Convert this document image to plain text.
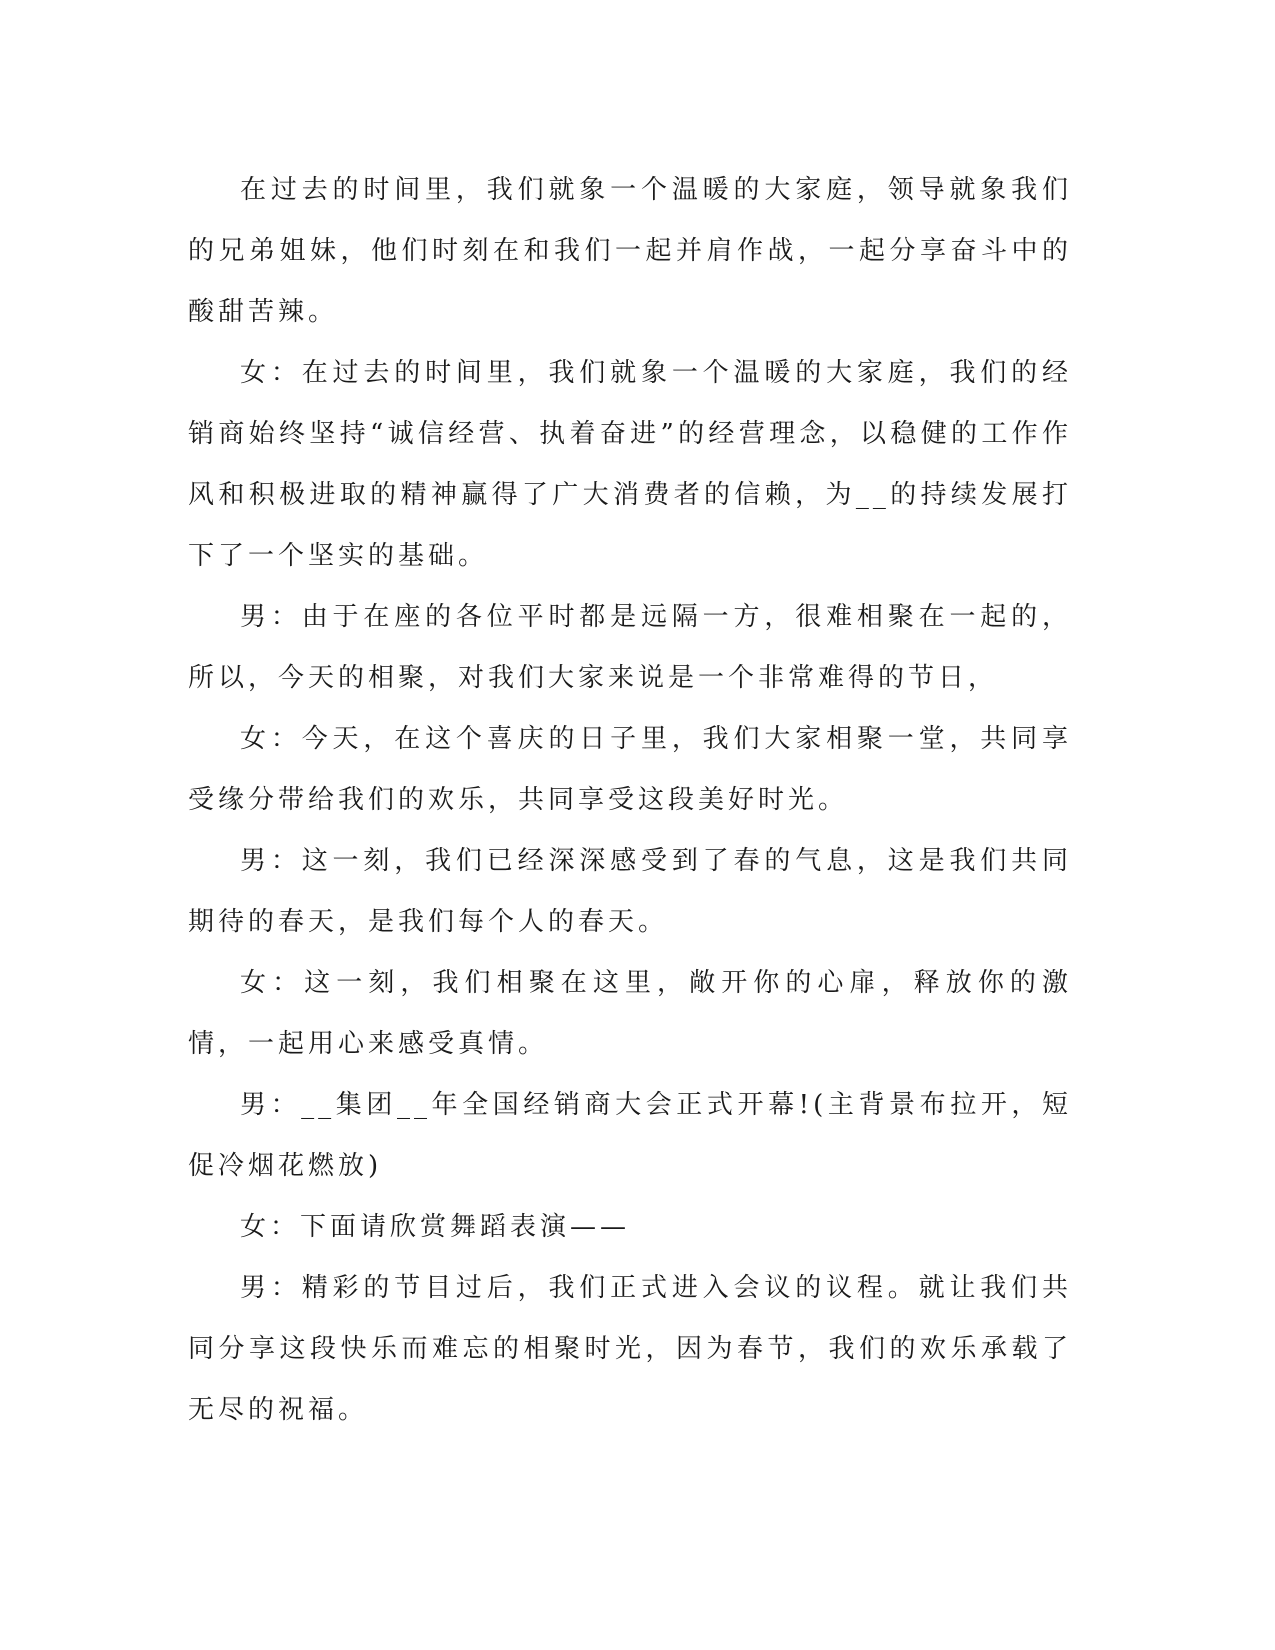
在过去的时间里，我们就象一个温暖的大家庭，领导就象我们的兄弟姐妹，他们时刻在和我们一起并肩作战，一起分享奋斗中的酸甜苦辣。

女：在过去的时间里，我们就象一个温暖的大家庭，我们的经销商始终坚持“诚信经营、执着奋进”的经营理念，以稳健的工作作风和积极进取的精神赢得了广大消费者的信赖，为__的持续发展打下了一个坚实的基础。

男：由于在座的各位平时都是远隔一方，很难相聚在一起的，所以，今天的相聚，对我们大家来说是一个非常难得的节日，

女：今天，在这个喜庆的日子里，我们大家相聚一堂，共同享受缘分带给我们的欢乐，共同享受这段美好时光。

男：这一刻，我们已经深深感受到了春的气息，这是我们共同期待的春天，是我们每个人的春天。

女：这一刻，我们相聚在这里，敞开你的心扉，释放你的激情，一起用心来感受真情。

男：__集团__年全国经销商大会正式开幕!(主背景布拉开，短促冷烟花燃放)

女：下面请欣赏舞蹈表演——

男：精彩的节目过后，我们正式进入会议的议程。就让我们共同分享这段快乐而难忘的相聚时光，因为春节，我们的欢乐承载了无尽的祝福。
